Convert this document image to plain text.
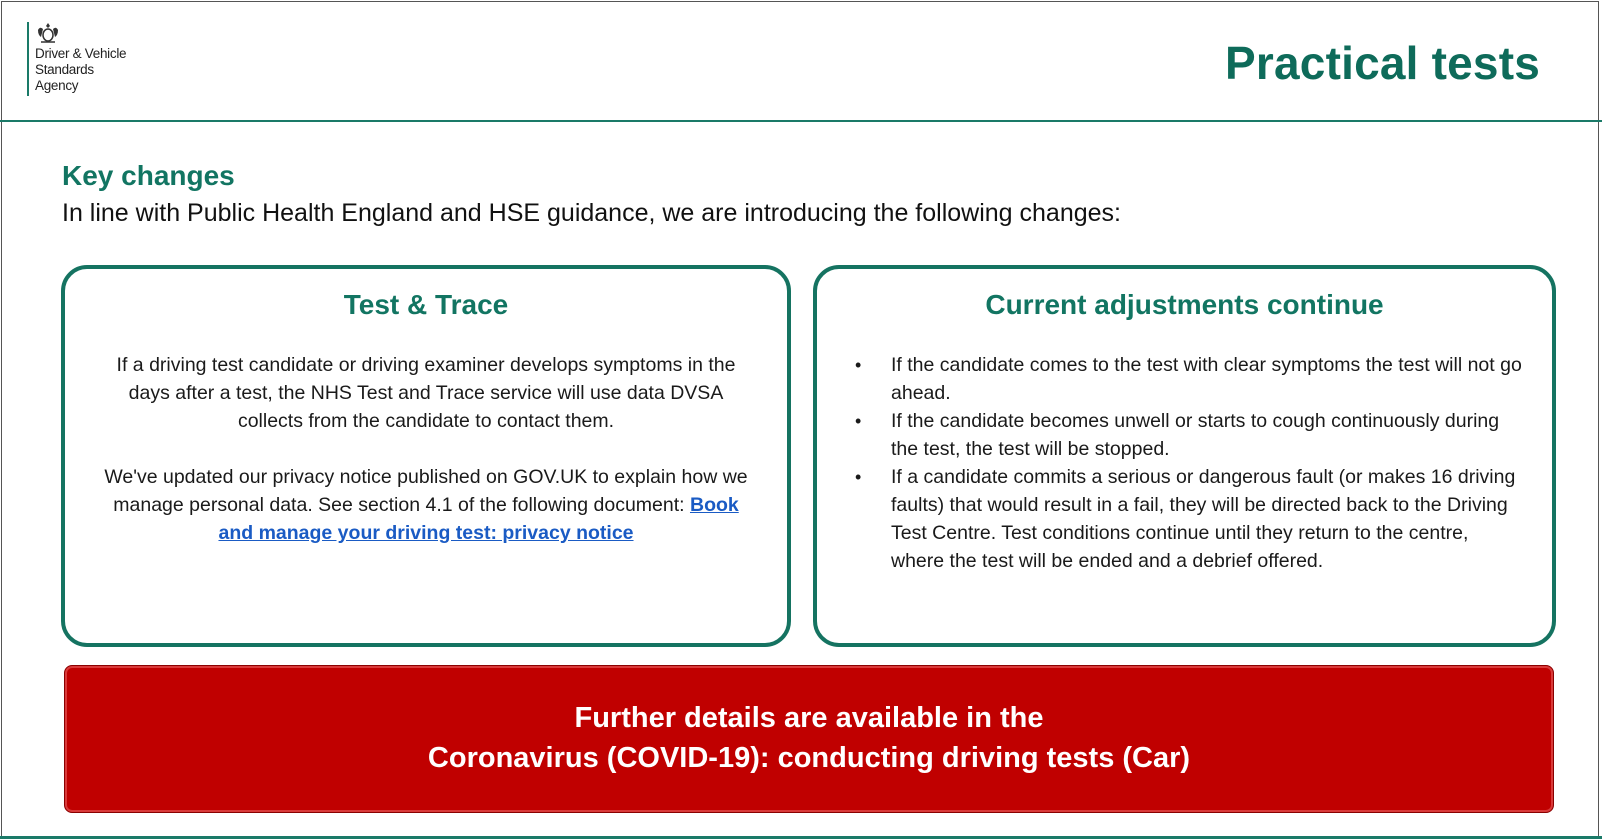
Driver & Vehicle
Standards
Agency	Practical tests
Key changes
In line with Public Health England and HSE guidance, we are introducing the following changes:
Test & Trace

If a driving test candidate or driving examiner develops symptoms in the days after a test, the NHS Test and Trace service will use data DVSA collects from the candidate to contact them.

We've updated our privacy notice published on GOV.UK to explain how we manage personal data. See section 4.1 of the following document: Book and manage your driving test: privacy notice

Current adjustments continue
• If the candidate comes to the test with clear symptoms the test will not go ahead.
• If the candidate becomes unwell or starts to cough continuously during the test, the test will be stopped.
• If a candidate commits a serious or dangerous fault (or makes 16 driving faults) that would result in a fail, they will be directed back to the Driving Test Centre. Test conditions continue until they return to the centre, where the test will be ended and a debrief offered.
Further details are available in the
Coronavirus (COVID-19): conducting driving tests (Car)
